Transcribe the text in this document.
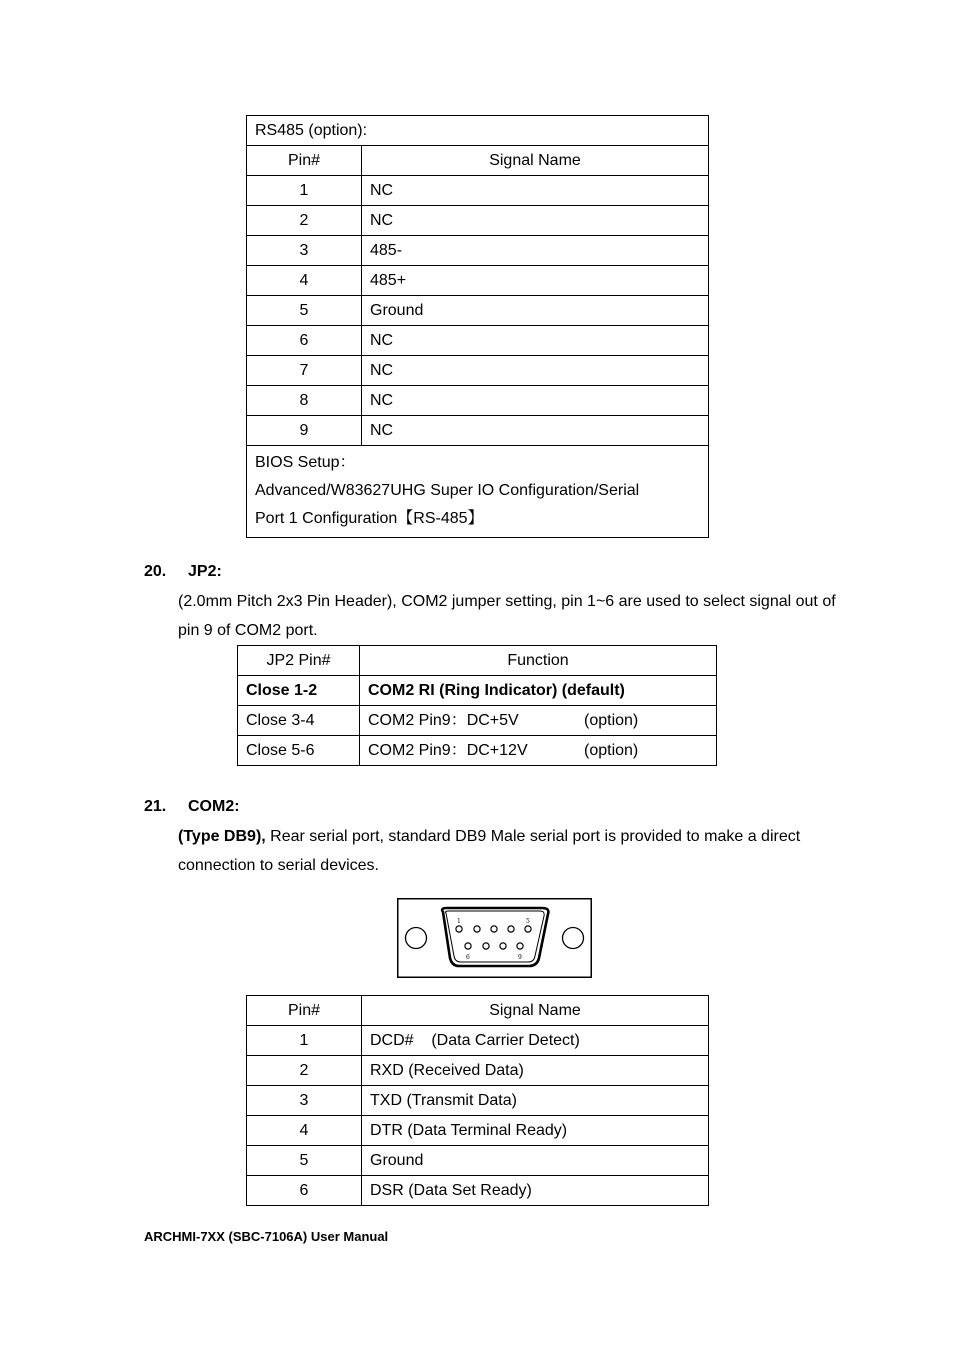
RS485 (option):	
Pin#	Signal Name
1	NC
2	NC
3	485-
4	485+
5	Ground
6	NC
7	NC
8	NC
9	NC

BIOS Setup：
Advanced/W83627UHG Super IO Configuration/Serial
Port 1 Configuration【RS-485】	
20. JP2:
(2.0mm Pitch 2x3 Pin Header), COM2 jumper setting, pin 1~6 are used to select signal out of pin 9 of COM2 port.
JP2 Pin#	Function
Close 1-2	COM2 RI (Ring Indicator) (default)
Close 3-4	COM2 Pin9：DC+5V (option)
Close 5-6	COM2 Pin9：DC+12V (option)
21. COM2:
(Type DB9), Rear serial port, standard DB9 Male serial port is provided to make a direct connection to serial devices.
1	5
6	9
Pin#	Signal Name
1	DCD#    (Data Carrier Detect)
2	RXD (Received Data)
3	TXD (Transmit Data)
4	DTR (Data Terminal Ready)
5	Ground
6	DSR (Data Set Ready)
ARCHMI-7XX (SBC-7106A) User Manual
